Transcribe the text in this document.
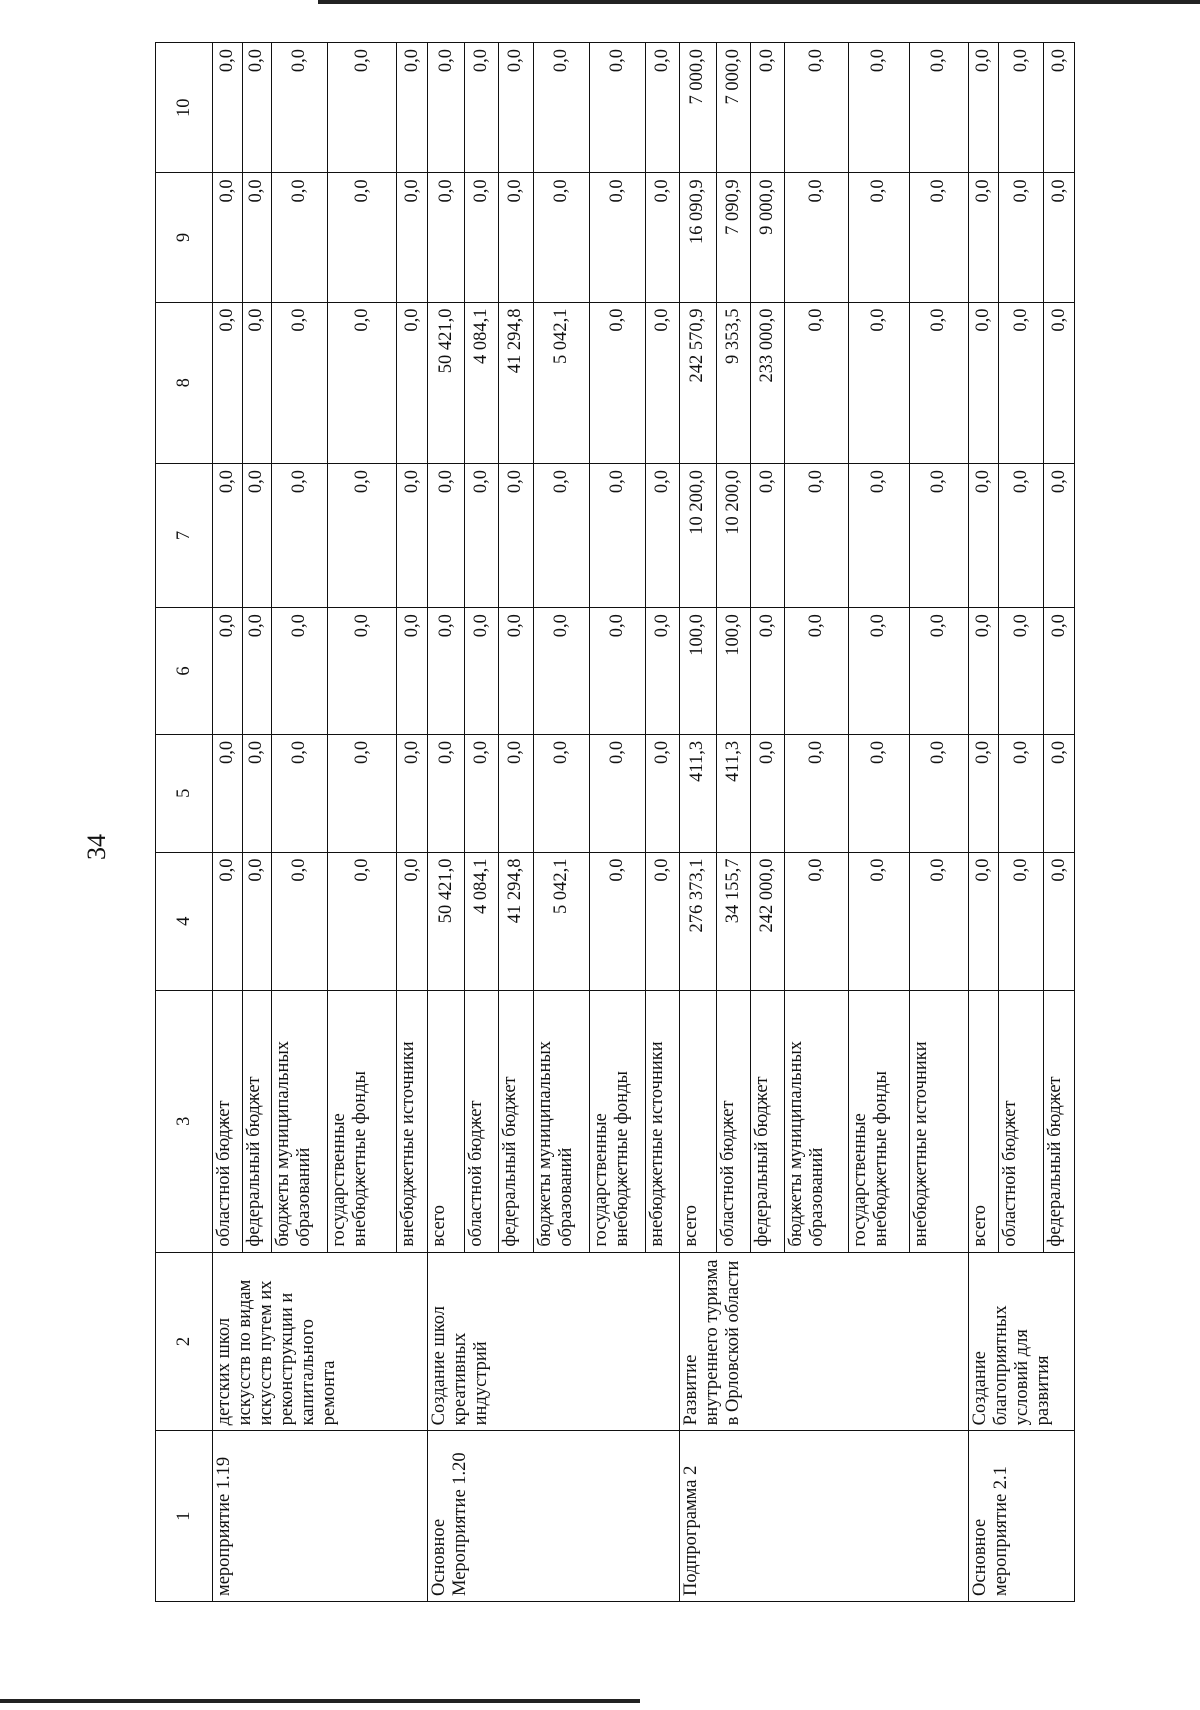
34
1	2	3	4	5	6	7	8	9	10
мероприятие 1.19	детских школ искусств по видам искусств путем их реконструкции и капитального ремонта	областной бюджет	0,0	0,0	0,0	0,0	0,0	0,0	0,0
		федеральный бюджет	0,0	0,0	0,0	0,0	0,0	0,0	0,0
		бюджеты муниципальных образований	0,0	0,0	0,0	0,0	0,0	0,0	0,0
		государственные внебюджетные фонды	0,0	0,0	0,0	0,0	0,0	0,0	0,0
		внебюджетные источники	0,0	0,0	0,0	0,0	0,0	0,0	0,0
Основное Мероприятие 1.20	Создание школ креативных индустрий	всего	50 421,0	0,0	0,0	0,0	50 421,0	0,0	0,0
		областной бюджет	4 084,1	0,0	0,0	0,0	4 084,1	0,0	0,0
		федеральный бюджет	41 294,8	0,0	0,0	0,0	41 294,8	0,0	0,0
		бюджеты муниципальных образований	5 042,1	0,0	0,0	0,0	5 042,1	0,0	0,0
		государственные внебюджетные фонды	0,0	0,0	0,0	0,0	0,0	0,0	0,0
		внебюджетные источники	0,0	0,0	0,0	0,0	0,0	0,0	0,0
Подпрограмма 2	Развитие внутреннего туризма в Орловской области	всего	276 373,1	411,3	100,0	10 200,0	242 570,9	16 090,9	7 000,0
		областной бюджет	34 155,7	411,3	100,0	10 200,0	9 353,5	7 090,9	7 000,0
		федеральный бюджет	242 000,0	0,0	0,0	0,0	233 000,0	9 000,0	0,0
		бюджеты муниципальных образований	0,0	0,0	0,0	0,0	0,0	0,0	0,0
		государственные внебюджетные фонды	0,0	0,0	0,0	0,0	0,0	0,0	0,0
		внебюджетные источники	0,0	0,0	0,0	0,0	0,0	0,0	0,0
Основное мероприятие 2.1	Создание благоприятных условий для развития	всего	0,0	0,0	0,0	0,0	0,0	0,0	0,0
		областной бюджет	0,0	0,0	0,0	0,0	0,0	0,0	0,0
		федеральный бюджет	0,0	0,0	0,0	0,0	0,0	0,0	0,0
